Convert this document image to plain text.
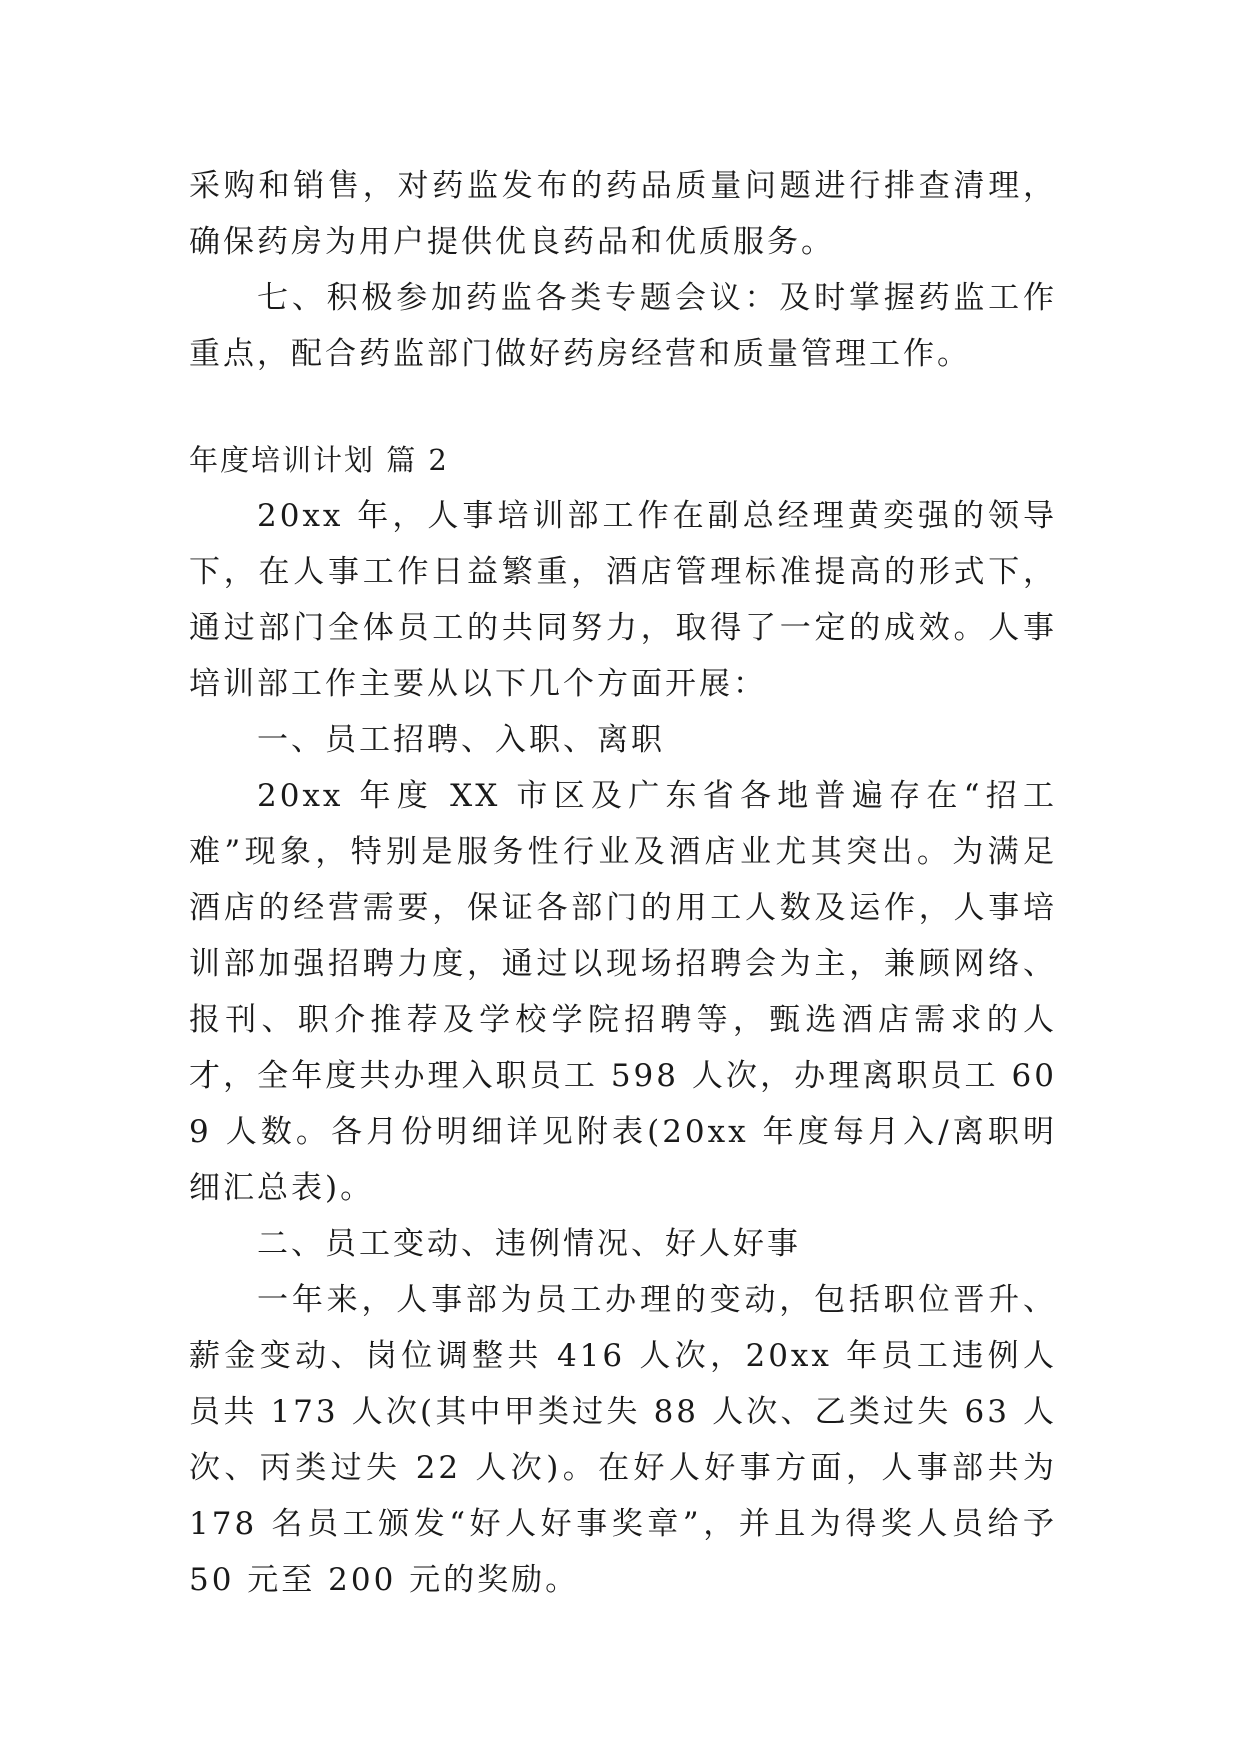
采购和销售，对药监发布的药品质量问题进行排查清理，确保药房为用户提供优良药品和优质服务。

七、积极参加药监各类专题会议：及时掌握药监工作重点，配合药监部门做好药房经营和质量管理工作。

年度培训计划 篇 2

20xx 年，人事培训部工作在副总经理黄奕强的领导下，在人事工作日益繁重，酒店管理标准提高的形式下，通过部门全体员工的共同努力，取得了一定的成效。人事培训部工作主要从以下几个方面开展：

一、员工招聘、入职、离职

20xx 年度 XX 市区及广东省各地普遍存在“招工难”现象，特别是服务性行业及酒店业尤其突出。为满足酒店的经营需要，保证各部门的用工人数及运作，人事培训部加强招聘力度，通过以现场招聘会为主，兼顾网络、报刊、职介推荐及学校学院招聘等，甄选酒店需求的人才，全年度共办理入职员工 598 人次，办理离职员工 609 人数。各月份明细详见附表(20xx 年度每月入/离职明细汇总表)。

二、员工变动、违例情况、好人好事

一年来，人事部为员工办理的变动，包括职位晋升、薪金变动、岗位调整共 416 人次，20xx 年员工违例人员共 173 人次(其中甲类过失 88 人次、乙类过失 63 人次、丙类过失 22 人次)。在好人好事方面，人事部共为 178 名员工颁发“好人好事奖章”，并且为得奖人员给予 50 元至 200 元的奖励。
